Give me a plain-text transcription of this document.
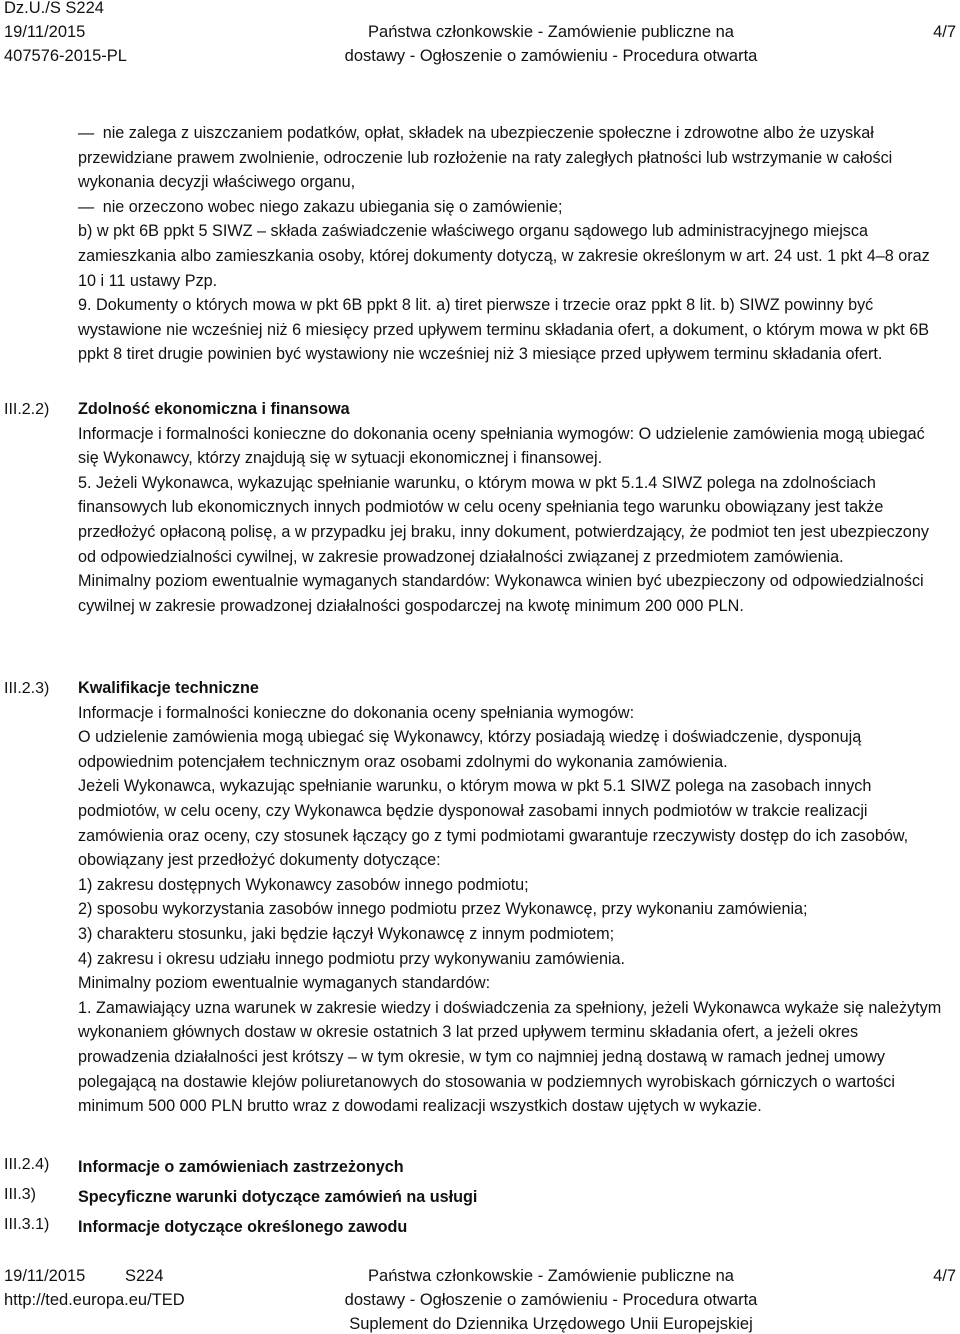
Dz.U./S S224
19/11/2015
407576-2015-PL
Państwa członkowskie - Zamówienie publiczne na
dostawy - Ogłoszenie o zamówieniu - Procedura otwarta
4/7
III.2.2)
III.2.3)
III.2.4)
III.3)
III.3.1)

— nie zalega z uiszczaniem podatków, opłat, składek na ubezpieczenie społeczne i zdrowotne albo że uzyskał przewidziane prawem zwolnienie, odroczenie lub rozłożenie na raty zaległych płatności lub wstrzymanie w całości wykonania decyzji właściwego organu,

— nie orzeczono wobec niego zakazu ubiegania się o zamówienie;

b) w pkt 6B ppkt 5 SIWZ – składa zaświadczenie właściwego organu sądowego lub administracyjnego miejsca zamieszkania albo zamieszkania osoby, której dokumenty dotyczą, w zakresie określonym w art. 24 ust. 1 pkt 4–8 oraz 10 i 11 ustawy Pzp.

9. Dokumenty o których mowa w pkt 6B ppkt 8 lit. a) tiret pierwsze i trzecie oraz ppkt 8 lit. b) SIWZ powinny być wystawione nie wcześniej niż 6 miesięcy przed upływem terminu składania ofert, a dokument, o którym mowa w pkt 6B ppkt 8 tiret drugie powinien być wystawiony nie wcześniej niż 3 miesiące przed upływem terminu składania ofert.

Zdolność ekonomiczna i finansowa

Informacje i formalności konieczne do dokonania oceny spełniania wymogów: O udzielenie zamówienia mogą ubiegać się Wykonawcy, którzy znajdują się w sytuacji ekonomicznej i finansowej.

5. Jeżeli Wykonawca, wykazując spełnianie warunku, o którym mowa w pkt 5.1.4 SIWZ polega na zdolnościach finansowych lub ekonomicznych innych podmiotów w celu oceny spełniania tego warunku obowiązany jest także przedłożyć opłaconą polisę, a w przypadku jej braku, inny dokument, potwierdzający, że podmiot ten jest ubezpieczony od odpowiedzialności cywilnej, w zakresie prowadzonej działalności związanej z przedmiotem zamówienia.

Minimalny poziom ewentualnie wymaganych standardów: Wykonawca winien być ubezpieczony od odpowiedzialności cywilnej w zakresie prowadzonej działalności gospodarczej na kwotę minimum 200 000 PLN.

Kwalifikacje techniczne

Informacje i formalności konieczne do dokonania oceny spełniania wymogów:

O udzielenie zamówienia mogą ubiegać się Wykonawcy, którzy posiadają wiedzę i doświadczenie, dysponują odpowiednim potencjałem technicznym oraz osobami zdolnymi do wykonania zamówienia.

Jeżeli Wykonawca, wykazując spełnianie warunku, o którym mowa w pkt 5.1 SIWZ polega na zasobach innych podmiotów, w celu oceny, czy Wykonawca będzie dysponował zasobami innych podmiotów w trakcie realizacji zamówienia oraz oceny, czy stosunek łączący go z tymi podmiotami gwarantuje rzeczywisty dostęp do ich zasobów, obowiązany jest przedłożyć dokumenty dotyczące:

1) zakresu dostępnych Wykonawcy zasobów innego podmiotu;

2) sposobu wykorzystania zasobów innego podmiotu przez Wykonawcę, przy wykonaniu zamówienia;

3) charakteru stosunku, jaki będzie łączył Wykonawcę z innym podmiotem;

4) zakresu i okresu udziału innego podmiotu przy wykonywaniu zamówienia.

Minimalny poziom ewentualnie wymaganych standardów:

1. Zamawiający uzna warunek w zakresie wiedzy i doświadczenia za spełniony, jeżeli Wykonawca wykaże się należytym wykonaniem głównych dostaw w okresie ostatnich 3 lat przed upływem terminu składania ofert, a jeżeli okres prowadzenia działalności jest krótszy – w tym okresie, w tym co najmniej jedną dostawą w ramach jednej umowy polegającą na dostawie klejów poliuretanowych do stosowania w podziemnych wyrobiskach górniczych o wartości minimum 500 000 PLN brutto wraz z dowodami realizacji wszystkich dostaw ujętych w wykazie.

Informacje o zamówieniach zastrzeżonych

Specyficzne warunki dotyczące zamówień na usługi

Informacje dotyczące określonego zawodu

19/11/2015 S224
http://ted.europa.eu/TED
Państwa członkowskie - Zamówienie publiczne na
dostawy - Ogłoszenie o zamówieniu - Procedura otwarta
Suplement do Dziennika Urzędowego Unii Europejskiej
4/7
